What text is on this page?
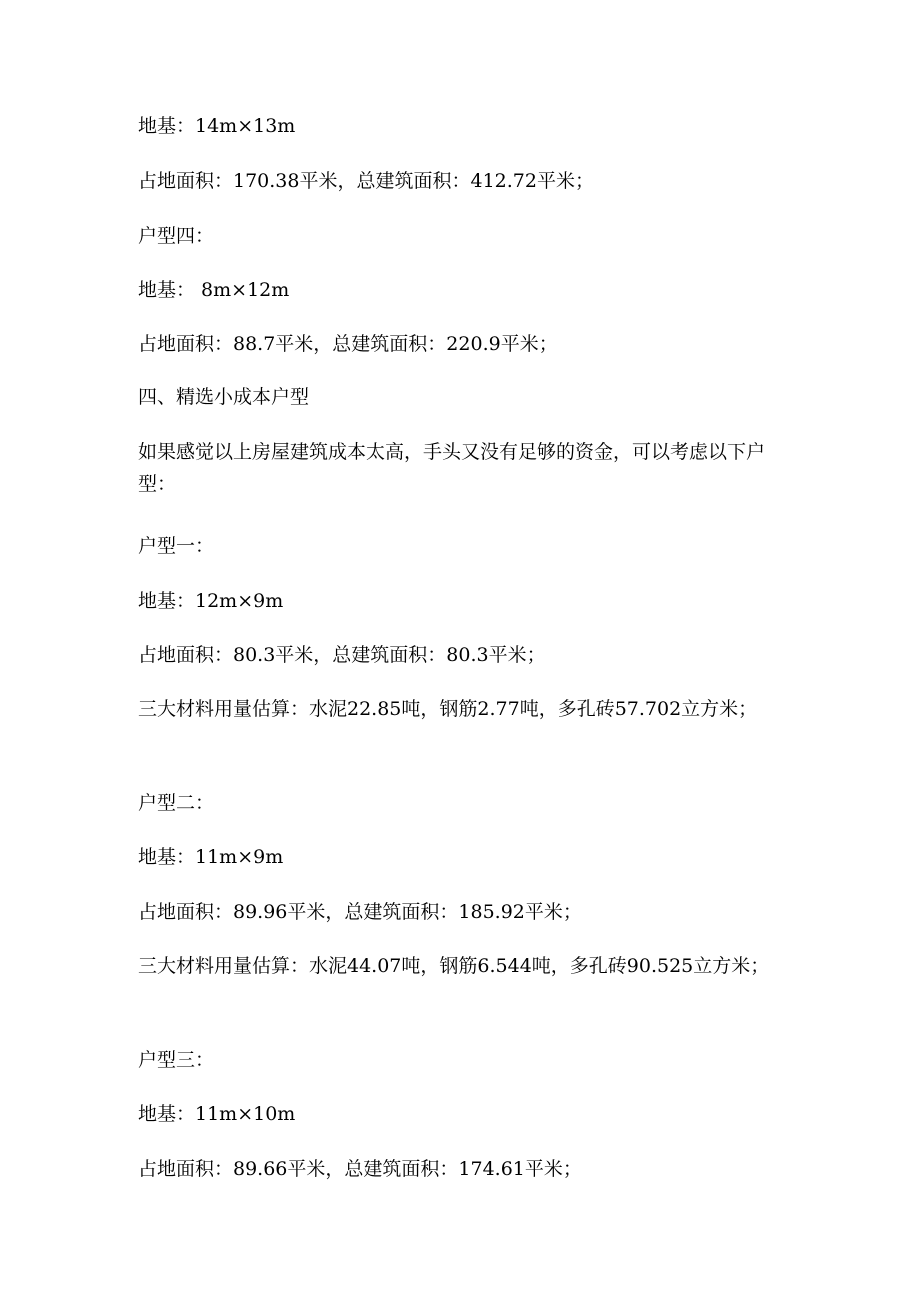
地基：14m×13m

占地面积：170.38平米，总建筑面积：412.72平米；

户型四：

地基： 8m×12m

占地面积：88.7平米，总建筑面积：220.9平米；

四、精选小成本户型

如果感觉以上房屋建筑成本太高，手头又没有足够的资金，可以考虑以下户型：

户型一：

地基：12m×9m

占地面积：80.3平米，总建筑面积：80.3平米；

三大材料用量估算：水泥22.85吨，钢筋2.77吨，多孔砖57.702立方米；

户型二：

地基：11m×9m

占地面积：89.96平米，总建筑面积：185.92平米；

三大材料用量估算：水泥44.07吨，钢筋6.544吨，多孔砖90.525立方米；

户型三：

地基：11m×10m

占地面积：89.66平米，总建筑面积：174.61平米；
